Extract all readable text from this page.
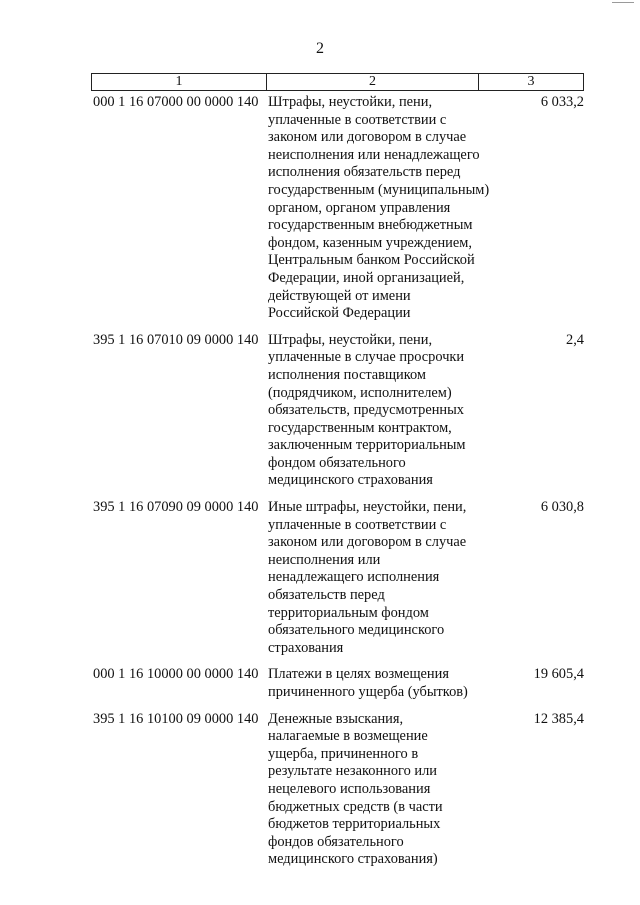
2
1	2	3
000 1 16 07000 00 0000 140 Штрафы, неустойки, пени,
уплаченные в соответствии с
законом или договором в случае
неисполнения или ненадлежащего
исполнения обязательств перед
государственным (муниципальным)
органом, органом управления
государственным внебюджетным
фондом, казенным учреждением,
Центральным банком Российской
Федерации, иной организацией,
действующей от имени
Российской Федерации
6 033,2
395 1 16 07010 09 0000 140 Штрафы, неустойки, пени,
уплаченные в случае просрочки
исполнения поставщиком
(подрядчиком, исполнителем)
обязательств, предусмотренных
государственным контрактом,
заключенным территориальным
фондом обязательного
медицинского страхования
2,4
395 1 16 07090 09 0000 140 Иные штрафы, неустойки, пени,
уплаченные в соответствии с
законом или договором в случае
неисполнения или
ненадлежащего исполнения
обязательств перед
территориальным фондом
обязательного медицинского
страхования
6 030,8
000 1 16 10000 00 0000 140 Платежи в целях возмещения
причиненного ущерба (убытков)
19 605,4
395 1 16 10100 09 0000 140 Денежные взыскания,
налагаемые в возмещение
ущерба, причиненного в
результате незаконного или
нецелевого использования
бюджетных средств (в части
бюджетов территориальных
фондов обязательного
медицинского страхования)
12 385,4
